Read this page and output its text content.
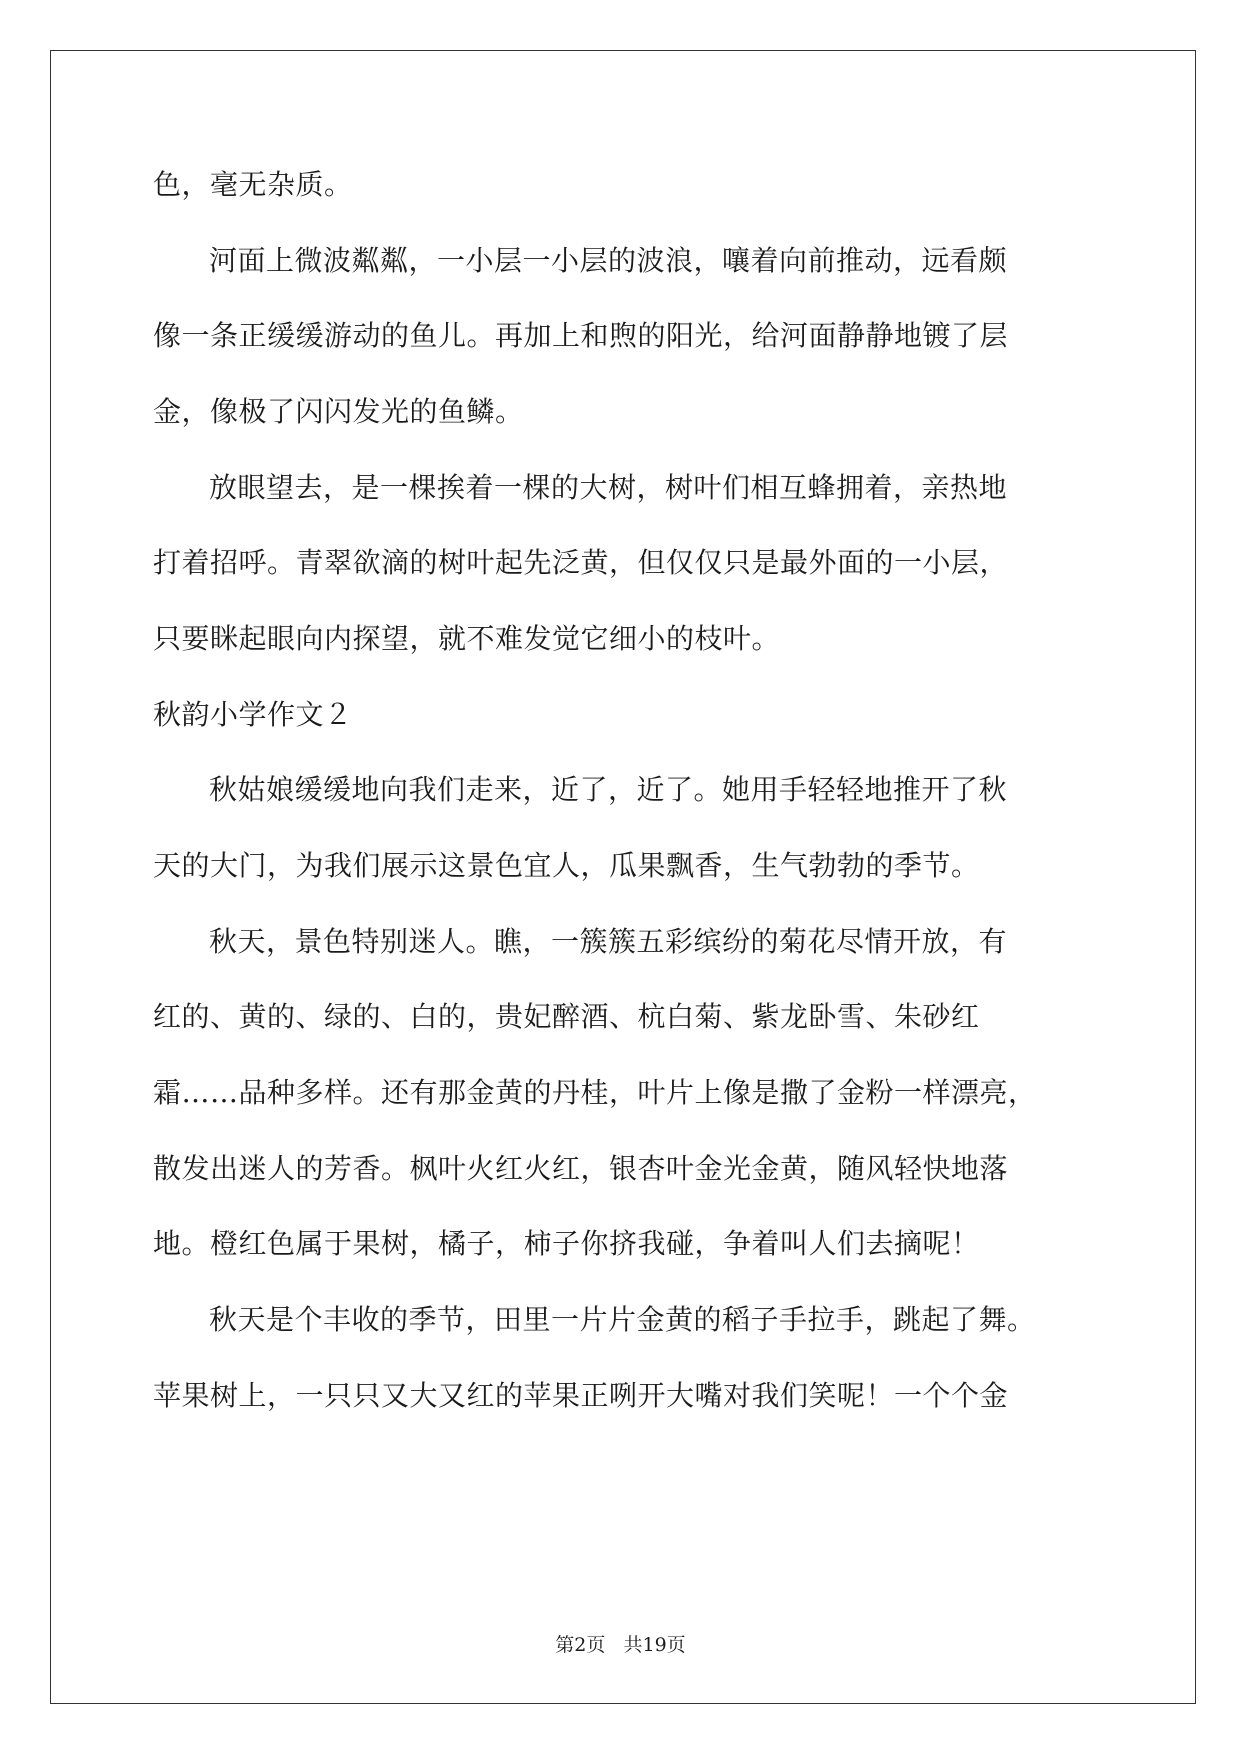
色，毫无杂质。
河面上微波粼粼，一小层一小层的波浪，嚷着向前推动，远看颇
像一条正缓缓游动的鱼儿。再加上和煦的阳光，给河面静静地镀了层
金，像极了闪闪发光的鱼鳞。
放眼望去，是一棵挨着一棵的大树，树叶们相互蜂拥着，亲热地
打着招呼。青翠欲滴的树叶起先泛黄，但仅仅只是最外面的一小层，
只要眯起眼向内探望，就不难发觉它细小的枝叶。
秋韵小学作文２
秋姑娘缓缓地向我们走来，近了，近了。她用手轻轻地推开了秋
天的大门，为我们展示这景色宜人，瓜果飘香，生气勃勃的季节。
秋天，景色特别迷人。瞧，一簇簇五彩缤纷的菊花尽情开放，有
红的、黄的、绿的、白的，贵妃醉酒、杭白菊、紫龙卧雪、朱砂红
霜……品种多样。还有那金黄的丹桂，叶片上像是撒了金粉一样漂亮，
散发出迷人的芳香。枫叶火红火红，银杏叶金光金黄，随风轻快地落
地。橙红色属于果树，橘子，柿子你挤我碰，争着叫人们去摘呢！
秋天是个丰收的季节，田里一片片金黄的稻子手拉手，跳起了舞。
苹果树上，一只只又大又红的苹果正咧开大嘴对我们笑呢！一个个金
第2页   共19页
